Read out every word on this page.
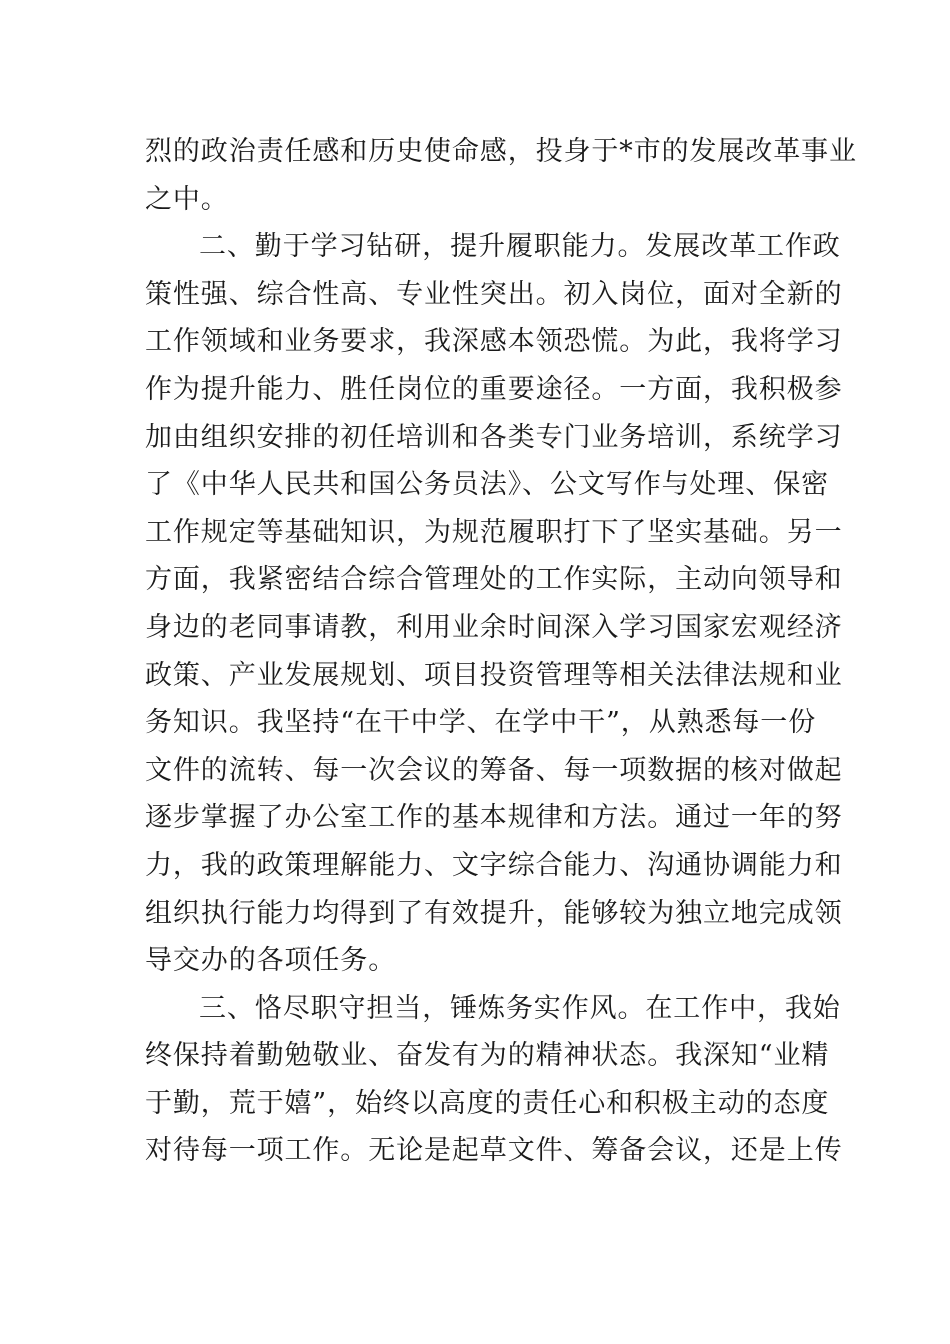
烈的政治责任感和历史使命感，投身于*市的发展改革事业
之中。
二、勤于学习钻研，提升履职能力。发展改革工作政
策性强、综合性高、专业性突出。初入岗位，面对全新的
工作领域和业务要求，我深感本领恐慌。为此，我将学习
作为提升能力、胜任岗位的重要途径。一方面，我积极参
加由组织安排的初任培训和各类专门业务培训，系统学习
了《中华人民共和国公务员法》、公文写作与处理、保密
工作规定等基础知识，为规范履职打下了坚实基础。另一
方面，我紧密结合综合管理处的工作实际，主动向领导和
身边的老同事请教，利用业余时间深入学习国家宏观经济
政策、产业发展规划、项目投资管理等相关法律法规和业
务知识。我坚持“在干中学、在学中干”，从熟悉每一份
文件的流转、每一次会议的筹备、每一项数据的核对做起
逐步掌握了办公室工作的基本规律和方法。通过一年的努
力，我的政策理解能力、文字综合能力、沟通协调能力和
组织执行能力均得到了有效提升，能够较为独立地完成领
导交办的各项任务。
三、恪尽职守担当，锤炼务实作风。在工作中，我始
终保持着勤勉敬业、奋发有为的精神状态。我深知“业精
于勤，荒于嬉”，始终以高度的责任心和积极主动的态度
对待每一项工作。无论是起草文件、筹备会议，还是上传
